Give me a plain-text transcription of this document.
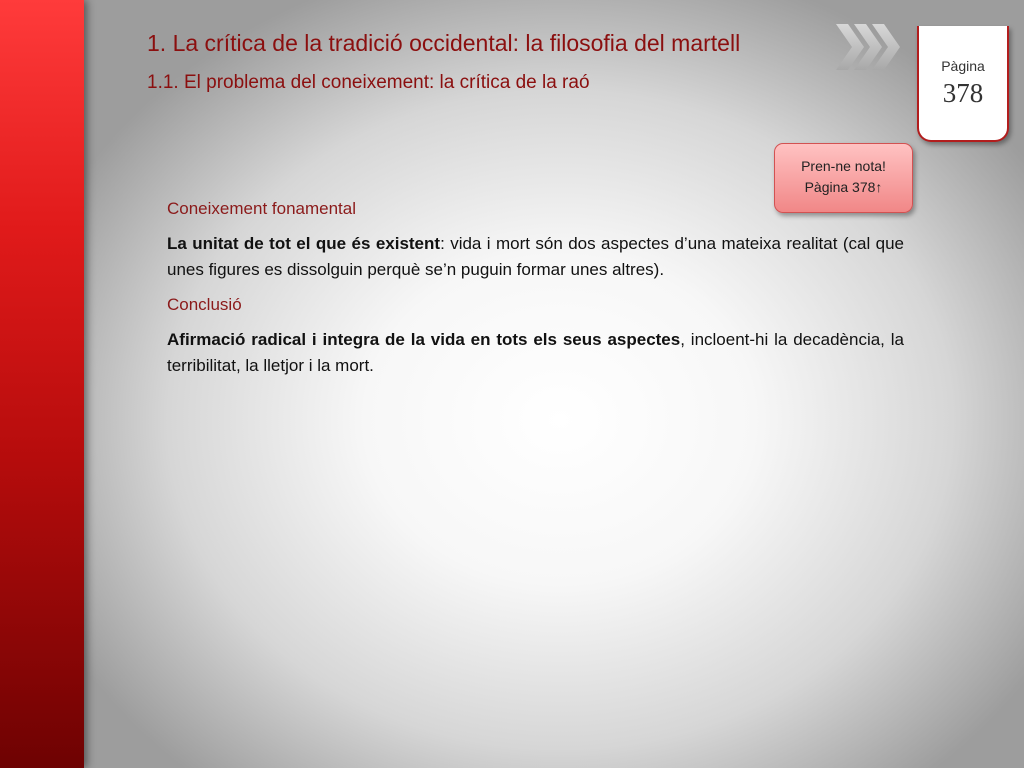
1. La crítica de la tradició occidental: la filosofia del martell
1.1. El problema del coneixement: la crítica de la raó
Pàgina
378
Pren-ne nota!
Pàgina 378↑

Coneixement fonamental

La unitat de tot el que és existent: vida i mort són dos aspectes d’una mateixa realitat (cal que unes figures es dissolguin perquè se’n puguin formar unes altres).

Conclusió

Afirmació radical i integra de la vida en tots els seus aspectes, incloent-hi la decadència, la terribilitat, la lletjor i la mort.
